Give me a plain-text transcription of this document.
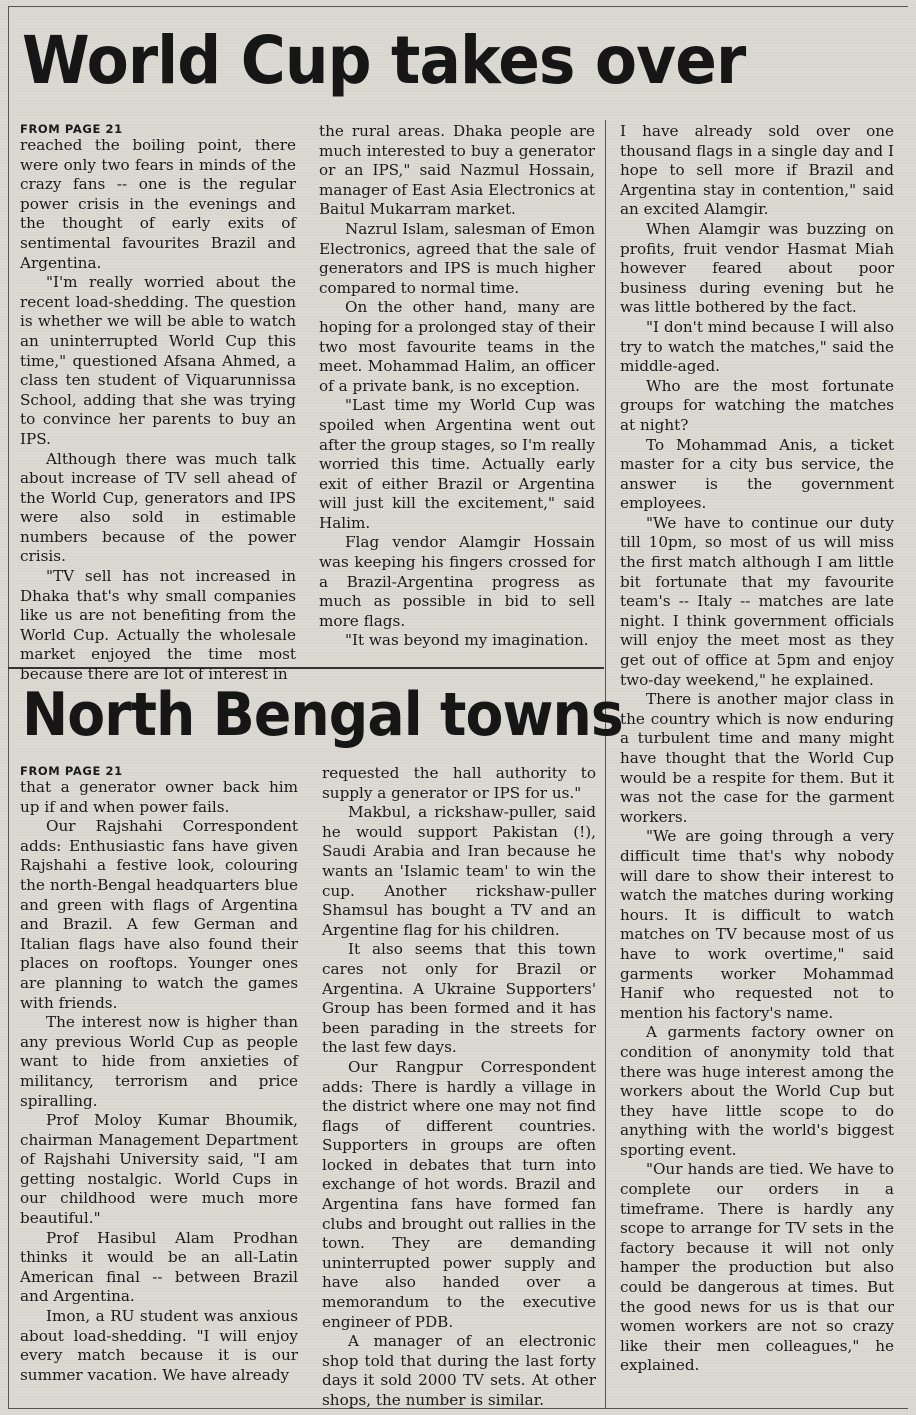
World Cup takes over

FROM PAGE 21

reached the boiling point, there were only two fears in minds of the crazy fans -- one is the regular power crisis in the evenings and the thought of early exits of sentimental favourites Brazil and Argentina.

"I'm really worried about the recent load-shedding. The question is whether we will be able to watch an uninterrupted World Cup this time," questioned Afsana Ahmed, a class ten student of Viquarunnissa School, adding that she was trying to convince her parents to buy an IPS.

Although there was much talk about increase of TV sell ahead of the World Cup, generators and IPS were also sold in estimable numbers because of the power crisis.

"TV sell has not increased in Dhaka that's why small companies like us are not benefiting from the World Cup. Actually the wholesale market enjoyed the time most because there are lot of interest in

the rural areas. Dhaka people are much interested to buy a generator or an IPS," said Nazmul Hossain, manager of East Asia Electronics at Baitul Mukarram market.

Nazrul Islam, salesman of Emon Electronics, agreed that the sale of generators and IPS is much higher compared to normal time.

On the other hand, many are hoping for a prolonged stay of their two most favourite teams in the meet. Mohammad Halim, an officer of a private bank, is no exception.

"Last time my World Cup was spoiled when Argentina went out after the group stages, so I'm really worried this time. Actually early exit of either Brazil or Argentina will just kill the excitement," said Halim.

Flag vendor Alamgir Hossain was keeping his fingers crossed for a Brazil-Argentina progress as much as possible in bid to sell more flags.

"It was beyond my imagination.

I have already sold over one thousand flags in a single day and I hope to sell more if Brazil and Argentina stay in contention," said an excited Alamgir.

When Alamgir was buzzing on profits, fruit vendor Hasmat Miah however feared about poor business during evening but he was little bothered by the fact.

"I don't mind because I will also try to watch the matches," said the middle-aged.

Who are the most fortunate groups for watching the matches at night?

To Mohammad Anis, a ticket master for a city bus service, the answer is the government employees.

"We have to continue our duty till 10pm, so most of us will miss the first match although I am little bit fortunate that my favourite team's -- Italy -- matches are late night. I think government officials will enjoy the meet most as they get out of office at 5pm and enjoy two-day weekend," he explained.

There is another major class in the country which is now enduring a turbulent time and many might have thought that the World Cup would be a respite for them. But it was not the case for the garment workers.

"We are going through a very difficult time that's why nobody will dare to show their interest to watch the matches during working hours. It is difficult to watch matches on TV because most of us have to work overtime," said garments worker Mohammad Hanif who requested not to mention his factory's name.

A garments factory owner on condition of anonymity told that there was huge interest among the workers about the World Cup but they have little scope to do anything with the world's biggest sporting event.

"Our hands are tied. We have to complete our orders in a timeframe. There is hardly any scope to arrange for TV sets in the factory because it will not only hamper the production but also could be dangerous at times. But the good news for us is that our women workers are not so crazy like their men colleagues," he explained.

North Bengal towns

FROM PAGE 21

that a generator owner back him up if and when power fails.

Our Rajshahi Correspondent adds: Enthusiastic fans have given Rajshahi a festive look, colouring the north-Bengal headquarters blue and green with flags of Argentina and Brazil. A few German and Italian flags have also found their places on rooftops. Younger ones are planning to watch the games with friends.

The interest now is higher than any previous World Cup as people want to hide from anxieties of militancy, terrorism and price spiralling.

Prof Moloy Kumar Bhoumik, chairman Management Department of Rajshahi University said, "I am getting nostalgic. World Cups in our childhood were much more beautiful."

Prof Hasibul Alam Prodhan thinks it would be an all-Latin American final -- between Brazil and Argentina.

Imon, a RU student was anxious about load-shedding. "I will enjoy every match because it is our summer vacation. We have already

requested the hall authority to supply a generator or IPS for us."

Makbul, a rickshaw-puller, said he would support Pakistan (!), Saudi Arabia and Iran because he wants an 'Islamic team' to win the cup. Another rickshaw-puller Shamsul has bought a TV and an Argentine flag for his children.

It also seems that this town cares not only for Brazil or Argentina. A Ukraine Supporters' Group has been formed and it has been parading in the streets for the last few days.

Our Rangpur Correspondent adds: There is hardly a village in the district where one may not find flags of different countries. Supporters in groups are often locked in debates that turn into exchange of hot words. Brazil and Argentina fans have formed fan clubs and brought out rallies in the town. They are demanding uninterrupted power supply and have also handed over a memorandum to the executive engineer of PDB.

A manager of an electronic shop told that during the last forty days it sold 2000 TV sets. At other shops, the number is similar.
